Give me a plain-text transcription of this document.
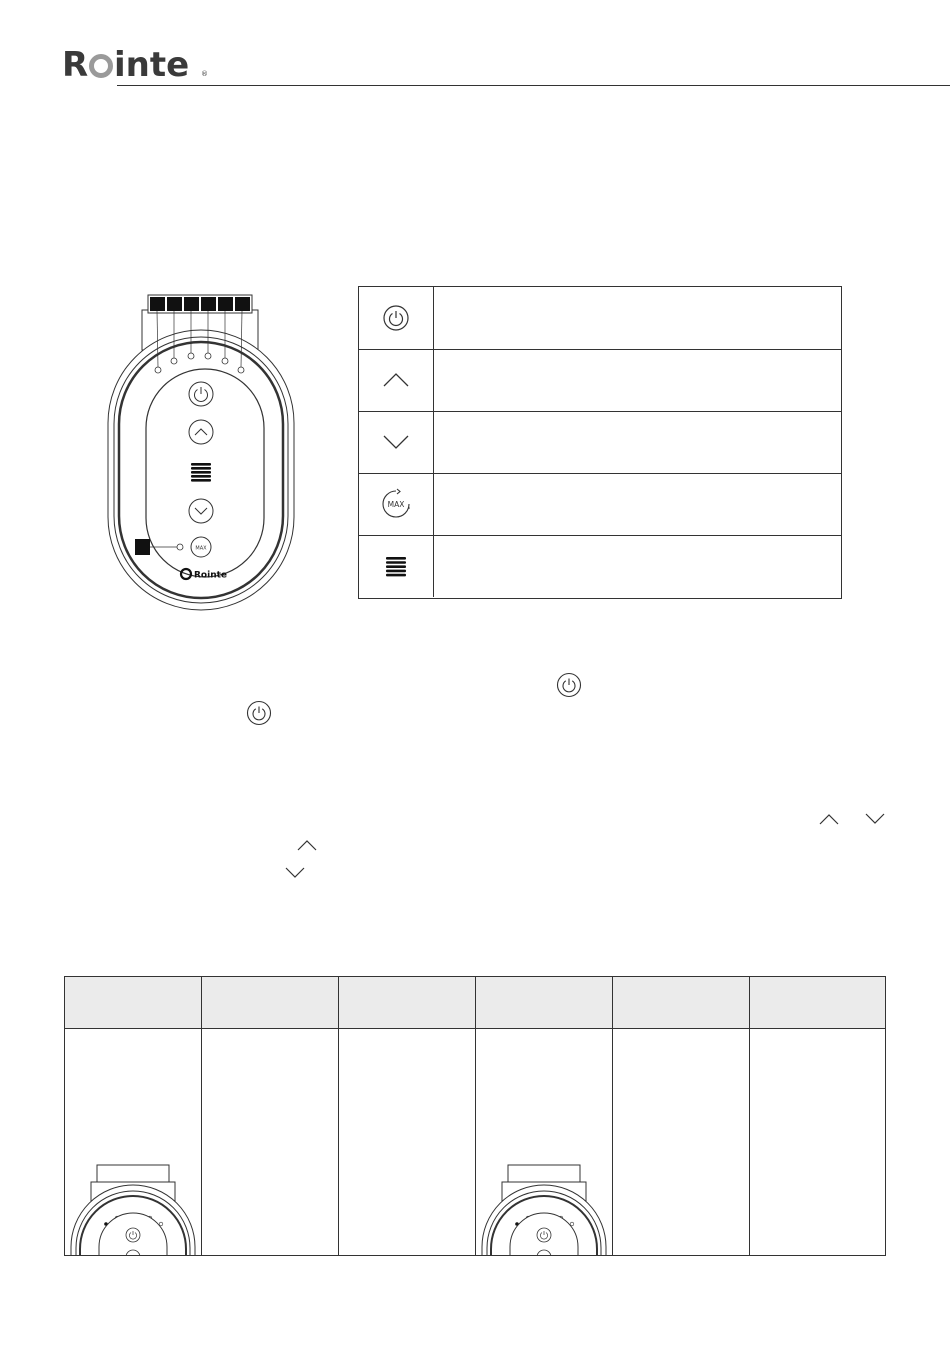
R inte ®
MAX
Rointe
MAX
